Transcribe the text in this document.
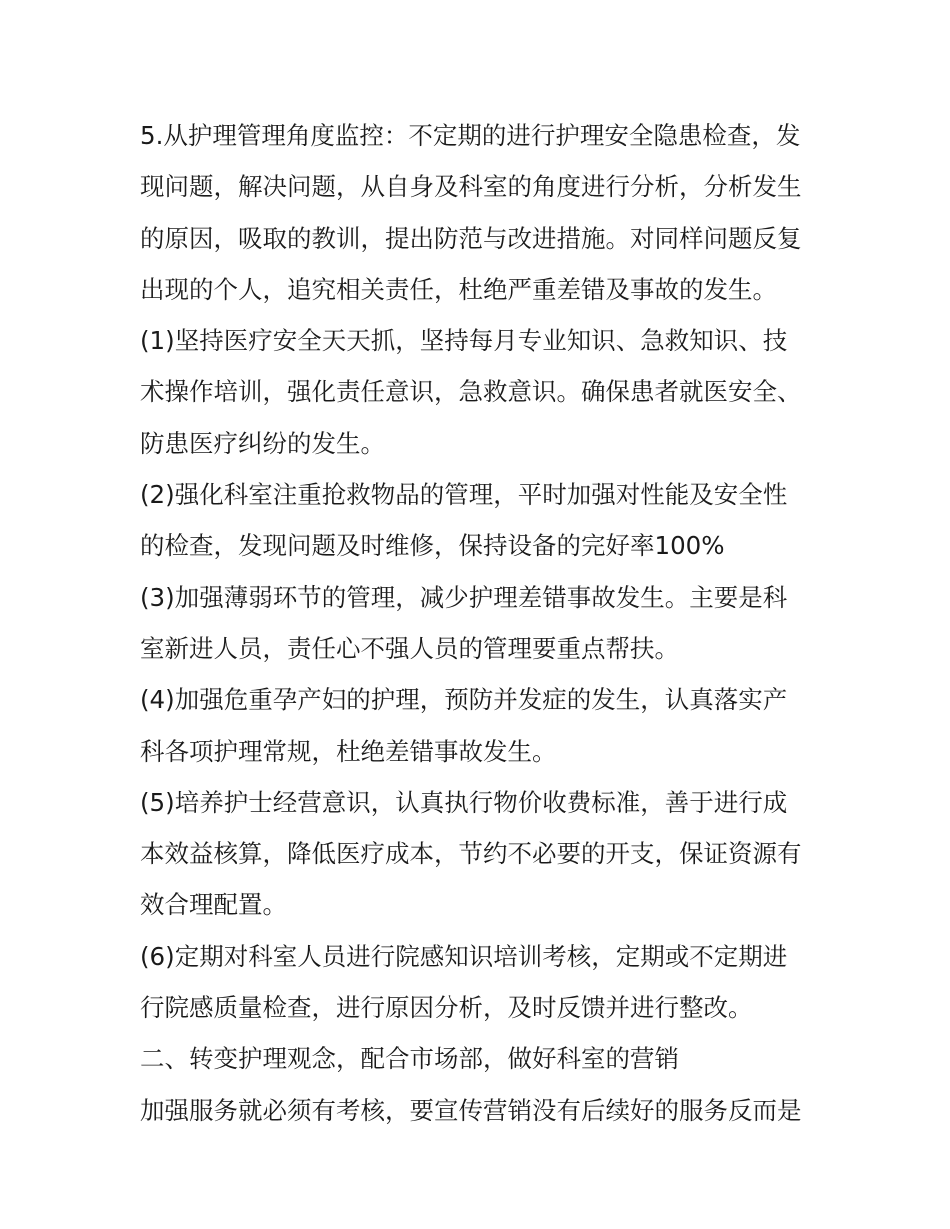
5.从护理管理角度监控：不定期的进行护理安全隐患检查，发
现问题，解决问题，从自身及科室的角度进行分析，分析发生
的原因，吸取的教训，提出防范与改进措施。对同样问题反复
出现的个人，追究相关责任，杜绝严重差错及事故的发生。
(1)坚持医疗安全天天抓，坚持每月专业知识、急救知识、技
术操作培训，强化责任意识，急救意识。确保患者就医安全、
防患医疗纠纷的发生。
(2)强化科室注重抢救物品的管理，平时加强对性能及安全性
的检查，发现问题及时维修，保持设备的完好率100%
(3)加强薄弱环节的管理，减少护理差错事故发生。主要是科
室新进人员，责任心不强人员的管理要重点帮扶。
(4)加强危重孕产妇的护理，预防并发症的发生，认真落实产
科各项护理常规，杜绝差错事故发生。
(5)培养护士经营意识，认真执行物价收费标准，善于进行成
本效益核算，降低医疗成本，节约不必要的开支，保证资源有
效合理配置。
(6)定期对科室人员进行院感知识培训考核，定期或不定期进
行院感质量检查，进行原因分析，及时反馈并进行整改。
二、转变护理观念，配合市场部，做好科室的营销
加强服务就必须有考核，要宣传营销没有后续好的服务反而是
